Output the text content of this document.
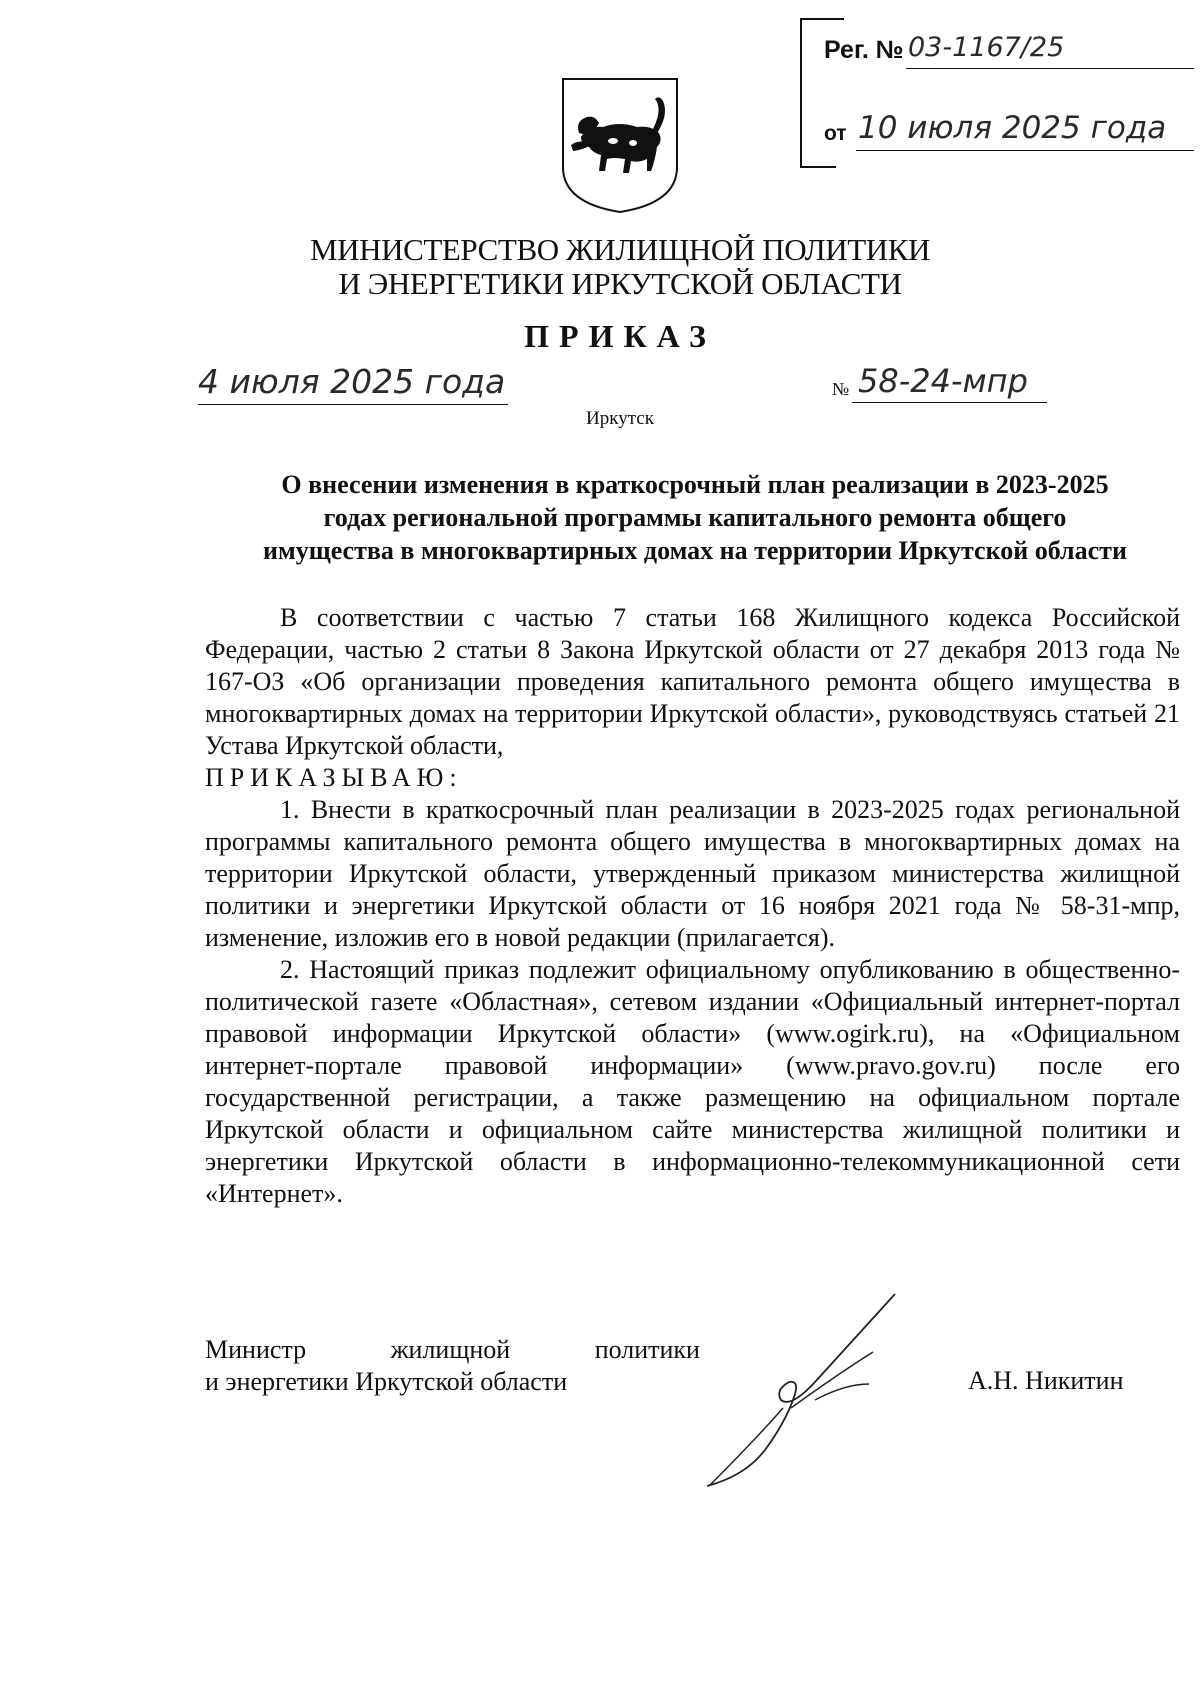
Рег. № 03-1167/25
от 10 июля 2025 года
МИНИСТЕРСТВО ЖИЛИЩНОЙ ПОЛИТИКИ
И ЭНЕРГЕТИКИ ИРКУТСКОЙ ОБЛАСТИ
ПРИКАЗ
4 июля 2025 года	№ 58-24-мпр
Иркутск
О внесении изменения в краткосрочный план реализации в 2023-2025
годах региональной программы капитального ремонта общего
имущества в многоквартирных домах на территории Иркутской области

В соответствии с частью 7 статьи 168 Жилищного кодекса Российской Федерации, частью 2 статьи 8 Закона Иркутской области от 27 декабря 2013 года № 167-ОЗ «Об организации проведения капитального ремонта общего имущества в многоквартирных домах на территории Иркутской области», руководствуясь статьей 21 Устава Иркутской области,

ПРИКАЗЫВАЮ:

1. Внести в краткосрочный план реализации в 2023-2025 годах региональной программы капитального ремонта общего имущества в многоквартирных домах на территории Иркутской области, утвержденный приказом министерства жилищной политики и энергетики Иркутской области от 16 ноября 2021 года № 58-31-мпр, изменение, изложив его в новой редакции (прилагается).

2. Настоящий приказ подлежит официальному опубликованию в общественно-политической газете «Областная», сетевом издании «Официальный интернет-портал правовой информации Иркутской области» (www.ogirk.ru), на «Официальном интернет-портале правовой информации» (www.pravo.gov.ru) после его государственной регистрации, а также размещению на официальном портале Иркутской области и официальном сайте министерства жилищной политики и энергетики Иркутской области в информационно-телекоммуникационной сети «Интернет».

Министр	жилищной	политики
и энергетики Иркутской области	А.Н. Никитин
